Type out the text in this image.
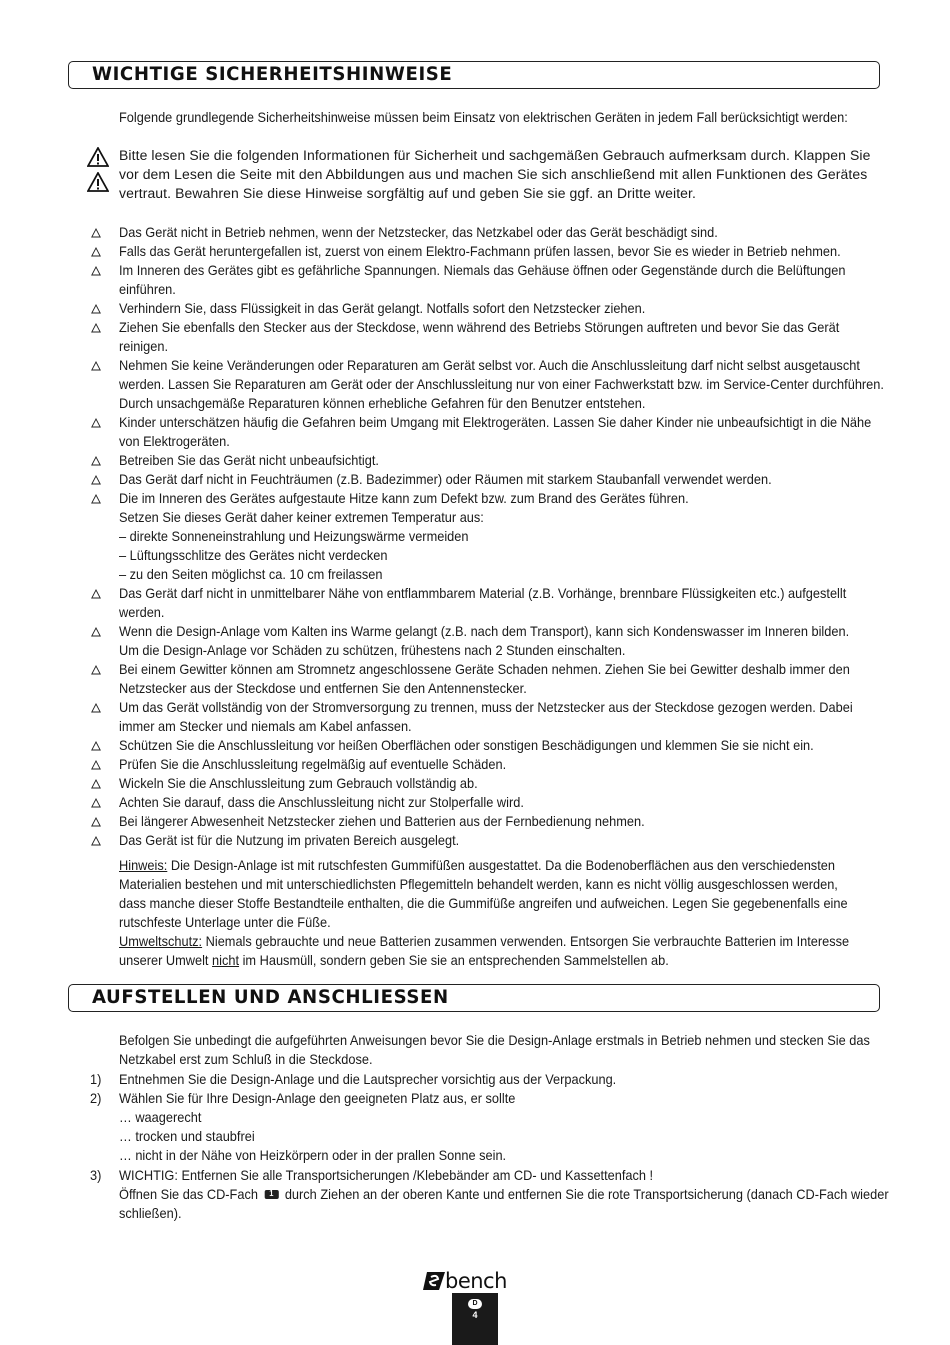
WICHTIGE SICHERHEITSHINWEISE
Folgende grundlegende Sicherheitshinweise müssen beim Einsatz von elektrischen Geräten in jedem Fall berücksichtigt werden:
Bitte lesen Sie die folgenden Informationen für Sicherheit und sachgemäßen Gebrauch aufmerksam durch. Klappen Sie
vor dem Lesen die Seite mit den Abbildungen aus und machen Sie sich anschließend mit allen Funktionen des Gerätes
vertraut. Bewahren Sie diese Hinweise sorgfältig auf und geben Sie sie ggf. an Dritte weiter.
Das Gerät nicht in Betrieb nehmen, wenn der Netzstecker, das Netzkabel oder das Gerät beschädigt sind.
Falls das Gerät heruntergefallen ist, zuerst von einem Elektro-Fachmann prüfen lassen, bevor Sie es wieder in Betrieb nehmen.
Im Inneren des Gerätes gibt es gefährliche Spannungen. Niemals das Gehäuse öffnen oder Gegenstände durch die Belüftungen
einführen.
Verhindern Sie, dass Flüssigkeit in das Gerät gelangt. Notfalls sofort den Netzstecker ziehen.
Ziehen Sie ebenfalls den Stecker aus der Steckdose, wenn während des Betriebs Störungen auftreten und bevor Sie das Gerät
reinigen.
Nehmen Sie keine Veränderungen oder Reparaturen am Gerät selbst vor. Auch die Anschlussleitung darf nicht selbst ausgetauscht
werden. Lassen Sie Reparaturen am Gerät oder der Anschlussleitung nur von einer Fachwerkstatt bzw. im Service-Center durchführen.
Durch unsachgemäße Reparaturen können erhebliche Gefahren für den Benutzer entstehen.
Kinder unterschätzen häufig die Gefahren beim Umgang mit Elektrogeräten. Lassen Sie daher Kinder nie unbeaufsichtigt in die Nähe
von Elektrogeräten.
Betreiben Sie das Gerät nicht unbeaufsichtigt.
Das Gerät darf nicht in Feuchträumen (z.B. Badezimmer) oder Räumen mit starkem Staubanfall verwendet werden.
Die im Inneren des Gerätes aufgestaute Hitze kann zum Defekt bzw. zum Brand des Gerätes führen.
Setzen Sie dieses Gerät daher keiner extremen Temperatur aus:
– direkte Sonneneinstrahlung und Heizungswärme vermeiden
– Lüftungsschlitze des Gerätes nicht verdecken
– zu den Seiten möglichst ca. 10 cm freilassen
Das Gerät darf nicht in unmittelbarer Nähe von entflammbarem Material (z.B. Vorhänge, brennbare Flüssigkeiten etc.) aufgestellt
werden.
Wenn die Design-Anlage vom Kalten ins Warme gelangt (z.B. nach dem Transport), kann sich Kondenswasser im Inneren bilden.
Um die Design-Anlage vor Schäden zu schützen, frühestens nach 2 Stunden einschalten.
Bei einem Gewitter können am Stromnetz angeschlossene Geräte Schaden nehmen. Ziehen Sie bei Gewitter deshalb immer den
Netzstecker aus der Steckdose und entfernen Sie den Antennenstecker.
Um das Gerät vollständig von der Stromversorgung zu trennen, muss der Netzstecker aus der Steckdose gezogen werden. Dabei
immer am Stecker und niemals am Kabel anfassen.
Schützen Sie die Anschlussleitung vor heißen Oberflächen oder sonstigen Beschädigungen und klemmen Sie sie nicht ein.
Prüfen Sie die Anschlussleitung regelmäßig auf eventuelle Schäden.
Wickeln Sie die Anschlussleitung zum Gebrauch vollständig ab.
Achten Sie darauf, dass die Anschlussleitung nicht zur Stolperfalle wird.
Bei längerer Abwesenheit Netzstecker ziehen und Batterien aus der Fernbedienung nehmen.
Das Gerät ist für die Nutzung im privaten Bereich ausgelegt.
Hinweis: Die Design-Anlage ist mit rutschfesten Gummifüßen ausgestattet. Da die Bodenoberflächen aus den verschiedensten
Materialien bestehen und mit unterschiedlichsten Pflegemitteln behandelt werden, kann es nicht völlig ausgeschlossen werden,
dass manche dieser Stoffe Bestandteile enthalten, die die Gummifüße angreifen und aufweichen. Legen Sie gegebenenfalls eine
rutschfeste Unterlage unter die Füße.
Umweltschutz: Niemals gebrauchte und neue Batterien zusammen verwenden. Entsorgen Sie verbrauchte Batterien im Interesse
unserer Umwelt nicht im Hausmüll, sondern geben Sie sie an entsprechenden Sammelstellen ab.
AUFSTELLEN UND ANSCHLIESSEN
Befolgen Sie unbedingt die aufgeführten Anweisungen bevor Sie die Design-Anlage erstmals in Betrieb nehmen und stecken Sie das
Netzkabel erst zum Schluß in die Steckdose.
1) Entnehmen Sie die Design-Anlage und die Lautsprecher vorsichtig aus der Verpackung.
2) Wählen Sie für Ihre Design-Anlage den geeigneten Platz aus, er sollte
… waagerecht
… trocken und staubfrei
… nicht in der Nähe von Heizkörpern oder in der prallen Sonne sein.
3) WICHTIG: Entfernen Sie alle Transportsicherungen /Klebebänder am CD- und Kassettenfach !
Öffnen Sie das CD-Fach 1 durch Ziehen an der oberen Kante und entfernen Sie die rote Transportsicherung (danach CD-Fach wieder
schließen).
bench
D
4
